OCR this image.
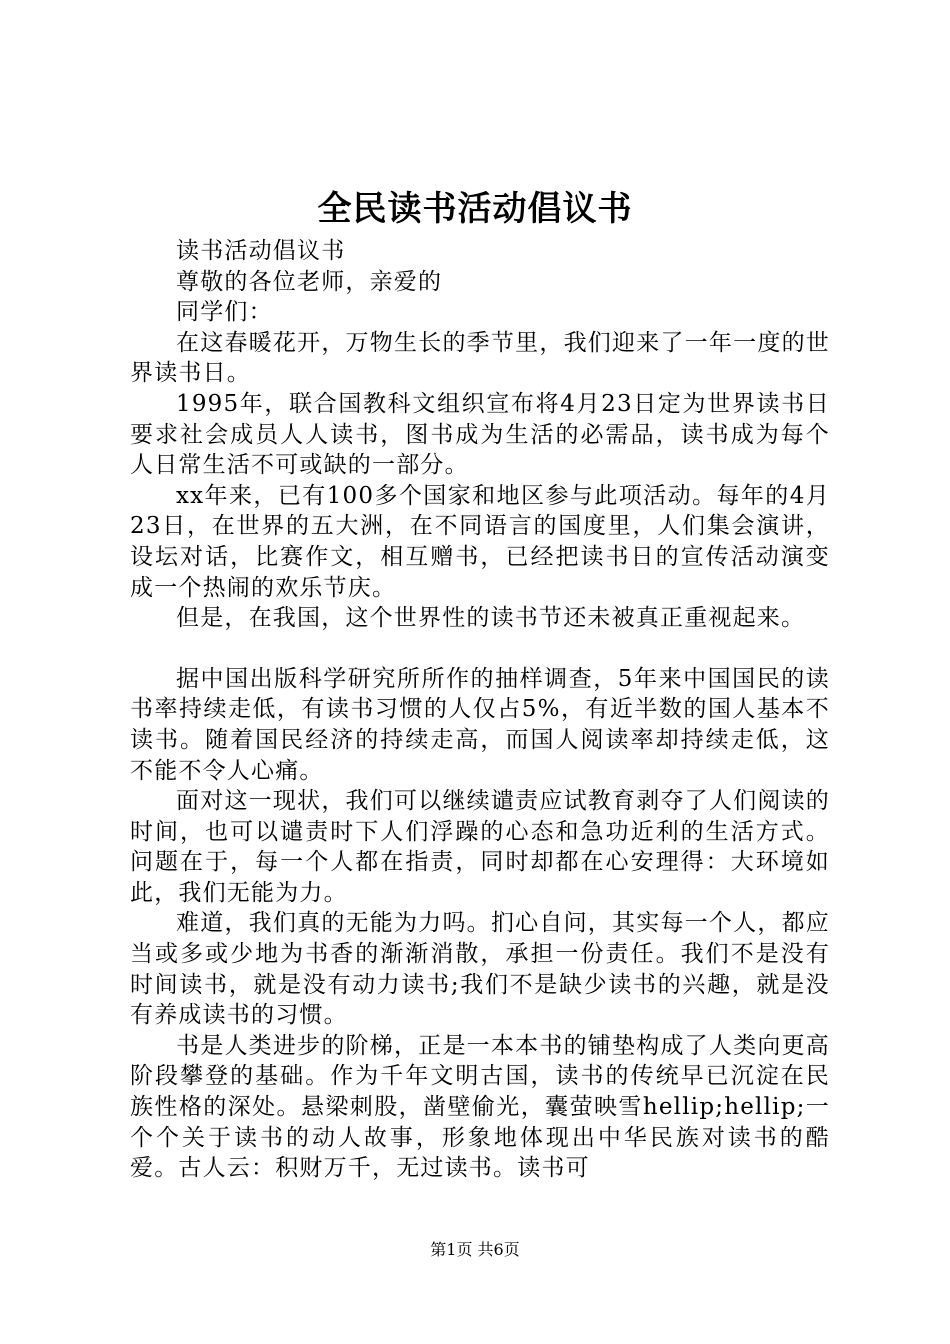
全民读书活动倡议书

读书活动倡议书

尊敬的各位老师，亲爱的

同学们：

在这春暖花开，万物生长的季节里，我们迎来了一年一度的世界读书日。

1995年，联合国教科文组织宣布将4月23日定为世界读书日要求社会成员人人读书，图书成为生活的必需品，读书成为每个人日常生活不可或缺的一部分。

xx年来，已有100多个国家和地区参与此项活动。每年的4月23日，在世界的五大洲，在不同语言的国度里，人们集会演讲，设坛对话，比赛作文，相互赠书，已经把读书日的宣传活动演变成一个热闹的欢乐节庆。

但是，在我国，这个世界性的读书节还未被真正重视起来。

据中国出版科学研究所所作的抽样调查，5年来中国国民的读书率持续走低，有读书习惯的人仅占5%，有近半数的国人基本不读书。随着国民经济的持续走高，而国人阅读率却持续走低，这不能不令人心痛。

面对这一现状，我们可以继续谴责应试教育剥夺了人们阅读的时间，也可以谴责时下人们浮躁的心态和急功近利的生活方式。问题在于，每一个人都在指责，同时却都在心安理得：大环境如此，我们无能为力。

难道，我们真的无能为力吗。扪心自问，其实每一个人，都应当或多或少地为书香的渐渐消散，承担一份责任。我们不是没有时间读书，就是没有动力读书;我们不是缺少读书的兴趣，就是没有养成读书的习惯。

书是人类进步的阶梯，正是一本本书的铺垫构成了人类向更高阶段攀登的基础。作为千年文明古国，读书的传统早已沉淀在民族性格的深处。悬梁刺股，凿壁偷光，囊萤映雪hellip;hellip;一个个关于读书的动人故事，形象地体现出中华民族对读书的酷爱。古人云：积财万千，无过读书。读书可

第1页 共6页
